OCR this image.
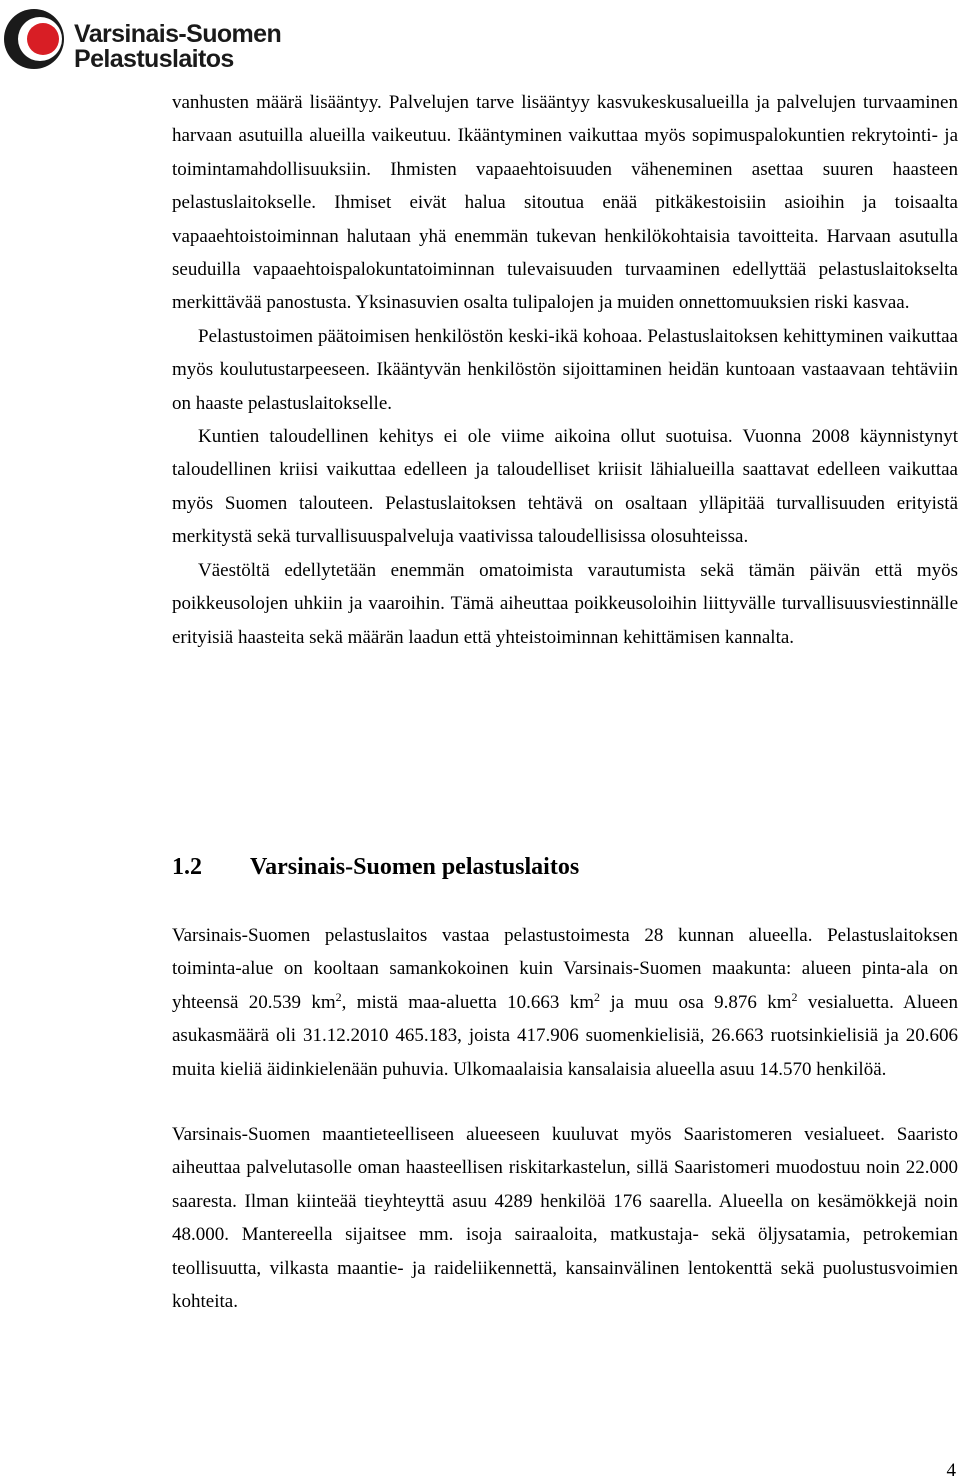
Varsinais-Suomen
Pelastuslaitos

vanhusten määrä lisääntyy. Palvelujen tarve lisääntyy kasvukeskusalueilla ja palvelujen turvaaminen harvaan asutuilla alueilla vaikeutuu. Ikääntyminen vaikuttaa myös sopimuspalokuntien rekrytointi- ja toimintamahdollisuuksiin. Ihmisten vapaaehtoisuuden väheneminen asettaa suuren haasteen pelastuslaitokselle. Ihmiset eivät halua sitoutua enää pitkäkestoisiin asioihin ja toisaalta vapaaehtoistoiminnan halutaan yhä enemmän tukevan henkilökohtaisia tavoitteita. Harvaan asutulla seuduilla vapaaehtoispalokuntatoiminnan tulevaisuuden turvaaminen edellyttää pelastuslaitokselta merkittävää panostusta. Yksinasuvien osalta tulipalojen ja muiden onnettomuuksien riski kasvaa.

Pelastustoimen päätoimisen henkilöstön keski-ikä kohoaa. Pelastuslaitoksen kehittyminen vaikuttaa myös koulutustarpeeseen. Ikääntyvän henkilöstön sijoittaminen heidän kuntoaan vastaavaan tehtäviin on haaste pelastuslaitokselle.

Kuntien taloudellinen kehitys ei ole viime aikoina ollut suotuisa. Vuonna 2008 käynnistynyt taloudellinen kriisi vaikuttaa edelleen ja taloudelliset kriisit lähialueilla saattavat edelleen vaikuttaa myös Suomen talouteen. Pelastuslaitoksen tehtävä on osaltaan ylläpitää turvallisuuden erityistä merkitystä sekä turvallisuuspalveluja vaativissa taloudellisissa olosuhteissa.

Väestöltä edellytetään enemmän omatoimista varautumista sekä tämän päivän että myös poikkeusolojen uhkiin ja vaaroihin. Tämä aiheuttaa poikkeusoloihin liittyvälle turvallisuusviestinnälle erityisiä haasteita sekä määrän laadun että yhteistoiminnan kehittämisen kannalta.

1.2 Varsinais-Suomen pelastuslaitos

Varsinais-Suomen pelastuslaitos vastaa pelastustoimesta 28 kunnan alueella. Pelastuslaitoksen toiminta-alue on kooltaan samankokoinen kuin Varsinais-Suomen maakunta: alueen pinta-ala on yhteensä 20.539 $km^2$, mistä maa-aluetta 10.663 $km^2$ ja muu osa 9.876 $km^2$ vesialuetta. Alueen asukasmäärä oli 31.12.2010 465.183, joista 417.906 suomenkielisiä, 26.663 ruotsinkielisiä ja 20.606 muita kieliä äidinkielenään puhuvia. Ulkomaalaisia kansalaisia alueella asuu 14.570 henkilöä.

Varsinais-Suomen maantieteelliseen alueeseen kuuluvat myös Saaristomeren vesialueet. Saaristo aiheuttaa palvelutasolle oman haasteellisen riskitarkastelun, sillä Saaristomeri muodostuu noin 22.000 saaresta. Ilman kiinteää tieyhteyttä asuu 4289 henkilöä 176 saarella. Alueella on kesämökkejä noin 48.000. Mantereella sijaitsee mm. isoja sairaaloita, matkustaja- sekä öljysatamia, petrokemian teollisuutta, vilkasta maantie- ja raideliikennettä, kansainvälinen lentokenttä sekä puolustusvoimien kohteita.

4
